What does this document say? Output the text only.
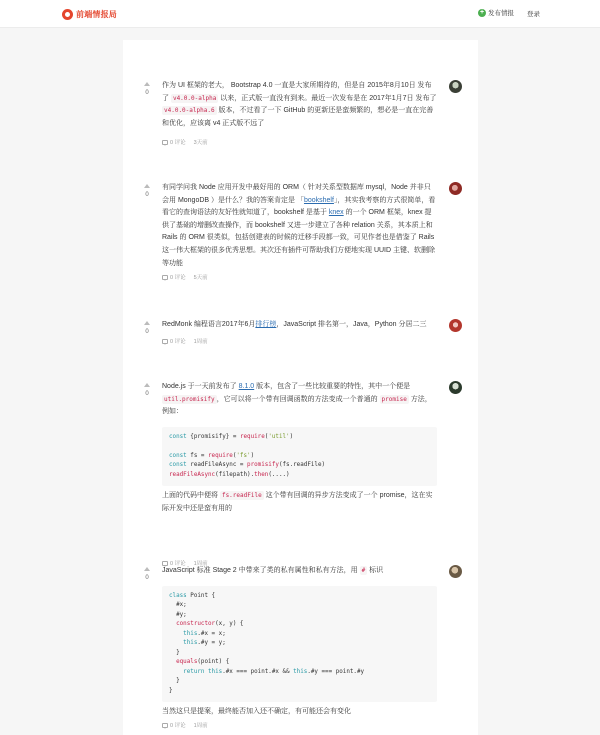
前端情报局	+ 发布情报 登录
0

作为 UI 框架的老大， Bootstrap 4.0 一直是大家所期待的，但是自 2015年8月10日 发布了 v4.0.0-alpha 以来，正式版一直没有到来。最近一次发布是在 2017年1月7日 发布了 v4.0.0-alpha.6 版本，不过看了一下 GitHub 的更新还是蛮频繁的，想必是一直在完善和优化，应该离 v4 正式版不远了

0 评论 3天前
0

有同学问我 Node 应用开发中最好用的 ORM（ 针对关系型数据库 mysql，Node 并非只会用 MongoDB ）是什么？我的答案肯定是 「bookshelf」，其实我考察的方式很简单，看看它的查询语法的友好性就知道了，bookshelf 是基于 knex 的一个 ORM 框架，knex 提供了基础的增删改查操作，而 bookshelf 又进一步建立了各种 relation 关系，其本质上和 Rails 的 ORM 很类似，包括创建表的时候的迁移手段都一致，可见作者也是借鉴了 Rails 这一伟大框架的很多优秀思想。其次还有插件可帮助我们方便地实现 UUID 主键、软删除等功能

0 评论 5天前
0

RedMonk 编程语言2017年6月排行榜，JavaScript 排名第一，Java，Python 分居二三

0 评论 1周前
0

Node.js 于一天前发布了 8.1.0 版本，包含了一些比较重要的特性，其中一个便是 util.promisify ，它可以将一个带有回调函数的方法变成一个普通的 promise 方法，例如：

const {promisify} = require('util')
const fs = require('fs')
const readFileAsync = promisify(fs.readFile)
readFileAsync(filepath).then(....)

上面的代码中便将 fs.readFile 这个带有回调的异步方法变成了一个 promise，这在实际开发中还是蛮有用的

0 评论 1周前
0

JavaScript 标准 Stage 2 中带来了类的私有属性和私有方法，用 # 标识

class Point {
#x;
#y;
constructor(x, y) {
this.#x = x;
this.#y = y;
}
equals(point) {
return this.#x === point.#x && this.#y === point.#y
}
}

当然这只是提案，最终能否加入还不确定，有可能还会有变化

0 评论 1周前
